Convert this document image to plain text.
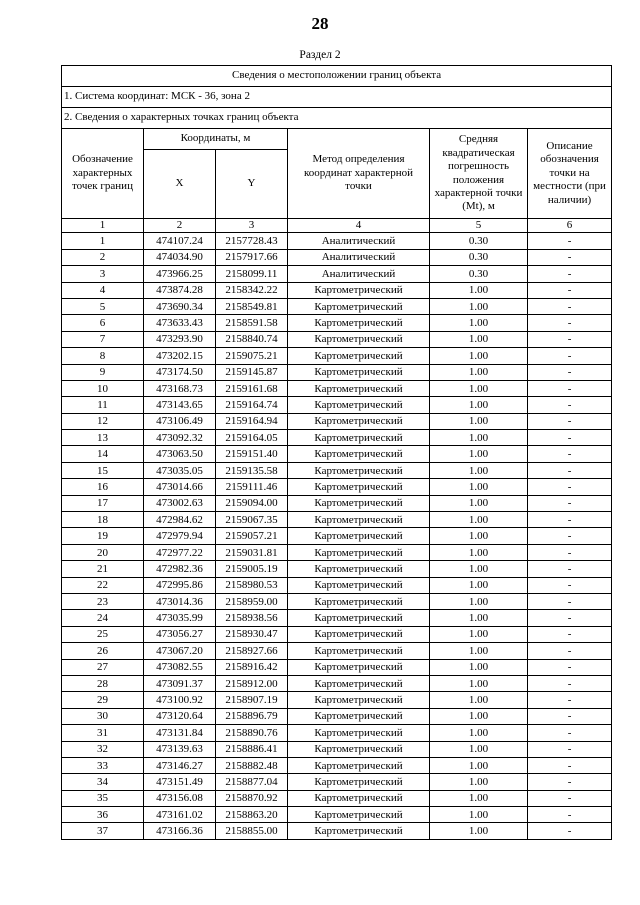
28
Раздел 2
Сведения о местоположении границ объекта					
1. Система координат: МСК - 36, зона 2					
2. Сведения о характерных точках границ объекта					
Обозначение характерных точек границ	Координаты, м		Метод определения координат характерной точки	Средняя квадратическая погрешность положения характерной точки (Mt), м	Описание обозначения точки на местности (при наличии)
	X	Y			
1	2	3	4	5	6
1	474107.24	2157728.43	Аналитический	0.30	-
2	474034.90	2157917.66	Аналитический	0.30	-
3	473966.25	2158099.11	Аналитический	0.30	-
4	473874.28	2158342.22	Картометрический	1.00	-
5	473690.34	2158549.81	Картометрический	1.00	-
6	473633.43	2158591.58	Картометрический	1.00	-
7	473293.90	2158840.74	Картометрический	1.00	-
8	473202.15	2159075.21	Картометрический	1.00	-
9	473174.50	2159145.87	Картометрический	1.00	-
10	473168.73	2159161.68	Картометрический	1.00	-
11	473143.65	2159164.74	Картометрический	1.00	-
12	473106.49	2159164.94	Картометрический	1.00	-
13	473092.32	2159164.05	Картометрический	1.00	-
14	473063.50	2159151.40	Картометрический	1.00	-
15	473035.05	2159135.58	Картометрический	1.00	-
16	473014.66	2159111.46	Картометрический	1.00	-
17	473002.63	2159094.00	Картометрический	1.00	-
18	472984.62	2159067.35	Картометрический	1.00	-
19	472979.94	2159057.21	Картометрический	1.00	-
20	472977.22	2159031.81	Картометрический	1.00	-
21	472982.36	2159005.19	Картометрический	1.00	-
22	472995.86	2158980.53	Картометрический	1.00	-
23	473014.36	2158959.00	Картометрический	1.00	-
24	473035.99	2158938.56	Картометрический	1.00	-
25	473056.27	2158930.47	Картометрический	1.00	-
26	473067.20	2158927.66	Картометрический	1.00	-
27	473082.55	2158916.42	Картометрический	1.00	-
28	473091.37	2158912.00	Картометрический	1.00	-
29	473100.92	2158907.19	Картометрический	1.00	-
30	473120.64	2158896.79	Картометрический	1.00	-
31	473131.84	2158890.76	Картометрический	1.00	-
32	473139.63	2158886.41	Картометрический	1.00	-
33	473146.27	2158882.48	Картометрический	1.00	-
34	473151.49	2158877.04	Картометрический	1.00	-
35	473156.08	2158870.92	Картометрический	1.00	-
36	473161.02	2158863.20	Картометрический	1.00	-
37	473166.36	2158855.00	Картометрический	1.00	-
